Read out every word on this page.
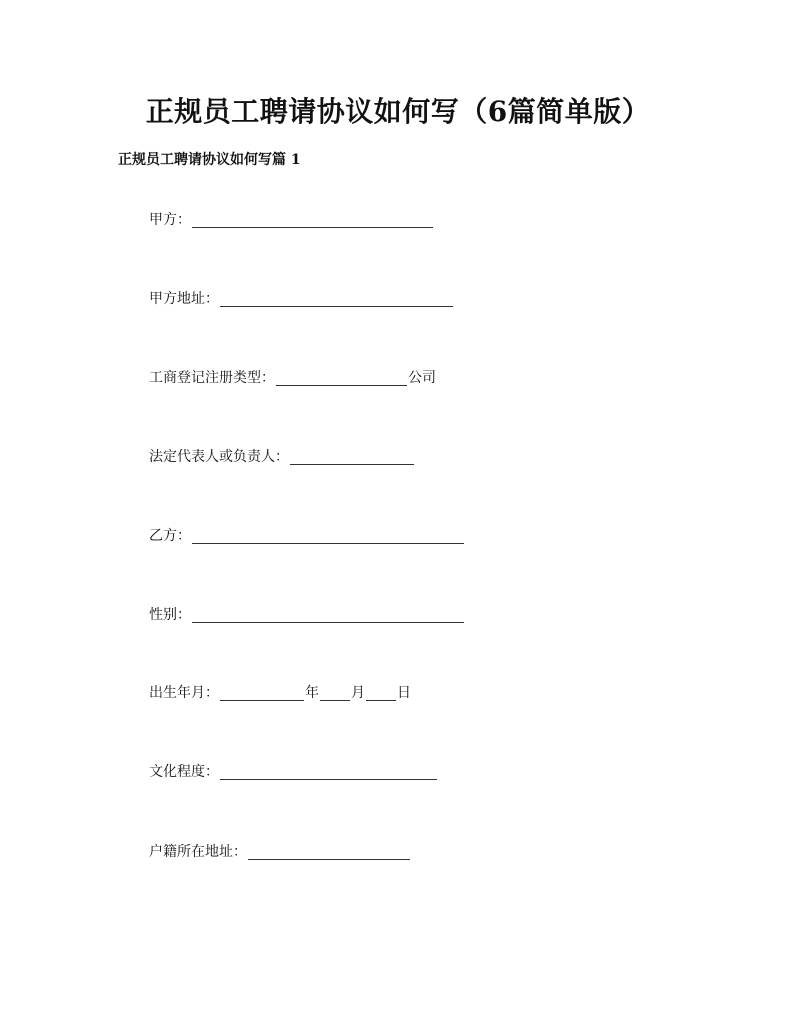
正规员工聘请协议如何写（6篇简单版）
正规员工聘请协议如何写篇 1
甲方：
甲方地址：
工商登记注册类型：	公司
法定代表人或负责人：
乙方：
性别：
出生年月：	年 月 日
文化程度：
户籍所在地址：
